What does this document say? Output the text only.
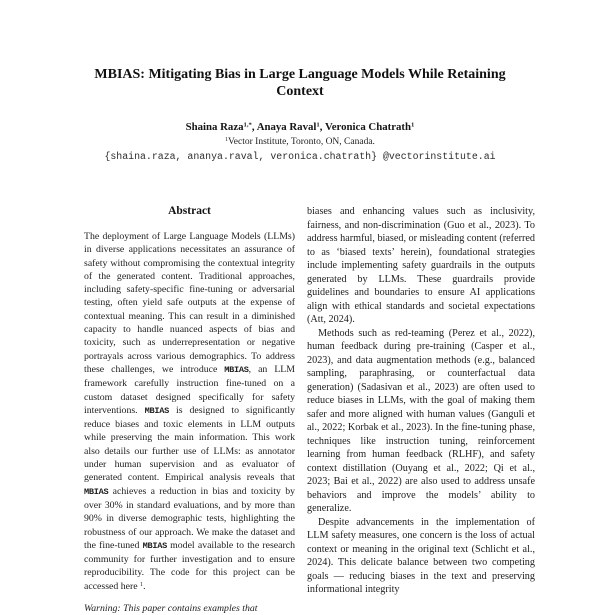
MBIAS: Mitigating Bias in Large Language Models While Retaining
Context
Shaina Raza$^{1,*}$, Anaya Raval$^1$, Veronica Chatrath$^1$
$^1$Vector Institute, Toronto, ON, Canada.
{shaina.raza, ananya.raval, veronica.chatrath} @vectorinstitute.ai
Abstract
The deployment of Large Language Models (LLMs) in diverse applications necessitates an assurance of safety without compromising the contextual integrity of the generated content. Traditional approaches, including safety-specific fine-tuning or adversarial testing, often yield safe outputs at the expense of contextual meaning. This can result in a diminished capacity to handle nuanced aspects of bias and toxicity, such as underrepresentation or negative portrayals across various demographics. To address these challenges, we introduce MBIAS, an LLM framework carefully instruction fine-tuned on a custom dataset designed specifically for safety interventions. MBIAS is designed to significantly reduce biases and toxic elements in LLM outputs while preserving the main information. This work also details our further use of LLMs: as annotator under human supervision and as evaluator of generated content. Empirical analysis reveals that MBIAS achieves a reduction in bias and toxicity by over 30% in standard evaluations, and by more than 90% in diverse demographic tests, highlighting the robustness of our approach. We make the dataset and the fine-tuned MBIAS model available to the research community for further investigation and to ensure reproducibility. The code for this project can be accessed here $^1$.
Warning: This paper contains examples that

biases and enhancing values such as inclusivity, fairness, and non-discrimination (Guo et al., 2023). To address harmful, biased, or misleading content (referred to as ‘biased texts’ herein), foundational strategies include implementing safety guardrails in the outputs generated by LLMs. These guardrails provide guidelines and boundaries to ensure AI applications align with ethical standards and societal expectations (Att, 2024).

Methods such as red-teaming (Perez et al., 2022), human feedback during pre-training (Casper et al., 2023), and data augmentation methods (e.g., balanced sampling, paraphrasing, or counterfactual data generation) (Sadasivan et al., 2023) are often used to reduce biases in LLMs, with the goal of making them safer and more aligned with human values (Ganguli et al., 2022; Korbak et al., 2023). In the fine-tuning phase, techniques like instruction tuning, reinforcement learning from human feedback (RLHF), and safety context distillation (Ouyang et al., 2022; Qi et al., 2023; Bai et al., 2022) are also used to address unsafe behaviors and improve the models’ ability to generalize.

Despite advancements in the implementation of LLM safety measures, one concern is the loss of actual context or meaning in the original text (Schlicht et al., 2024). This delicate balance between two competing goals — reducing biases in the text and preserving informational integrity
